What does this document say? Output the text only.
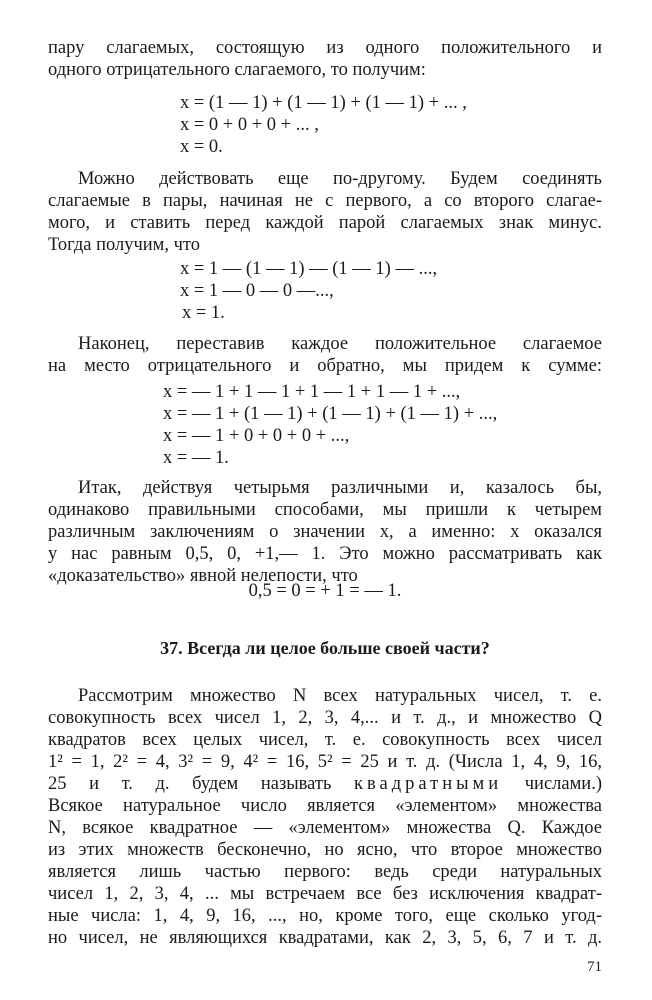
пару слагаемых, состоящую из одного положительного и
одного отрицательного слагаемого, то получим:
x = (1 — 1) + (1 — 1) + (1 — 1) + ... ,
x = 0 + 0 + 0 + ... ,
x = 0.
Можно действовать еще по-другому. Будем соединять
слагаемые в пары, начиная не с первого, а со второго слагае-
мого, и ставить перед каждой парой слагаемых знак минус.
Тогда получим, что
x = 1 — (1 — 1) — (1 — 1) — ...,
x = 1 — 0 — 0 —...,
x = 1.
Наконец, переставив каждое положительное слагаемое
на место отрицательного и обратно, мы придем к сумме:
x = — 1 + 1 — 1 + 1 — 1 + 1 — 1 + ...,
x = — 1 + (1 — 1) + (1 — 1) + (1 — 1) + ...,
x = — 1 + 0 + 0 + 0 + ...,
x = — 1.
Итак, действуя четырьмя различными и, казалось бы,
одинаково правильными способами, мы пришли к четырем
различным заключениям о значении x, а именно: x оказался
у нас равным 0,5, 0, +1,— 1. Это можно рассматривать как
«доказательство» явной нелепости, что
0,5 = 0 = + 1 = — 1.
37. Всегда ли целое больше своей части?
Рассмотрим множество N всех натуральных чисел, т. е.
совокупность всех чисел 1, 2, 3, 4,... и т. д., и множество Q
квадратов всех целых чисел, т. е. совокупность всех чисел
1² = 1, 2² = 4, 3² = 9, 4² = 16, 5² = 25 и т. д. (Числа 1, 4, 9, 16,
25 и т. д. будем называть квадратными числами.)
Всякое натуральное число является «элементом» множества
N, всякое квадратное — «элементом» множества Q. Каждое
из этих множеств бесконечно, но ясно, что второе множество
является лишь частью первого: ведь среди натуральных
чисел 1, 2, 3, 4, ... мы встречаем все без исключения квадрат-
ные числа: 1, 4, 9, 16, ..., но, кроме того, еще сколько угод-
но чисел, не являющихся квадратами, как 2, 3, 5, 6, 7 и т. д.
71
